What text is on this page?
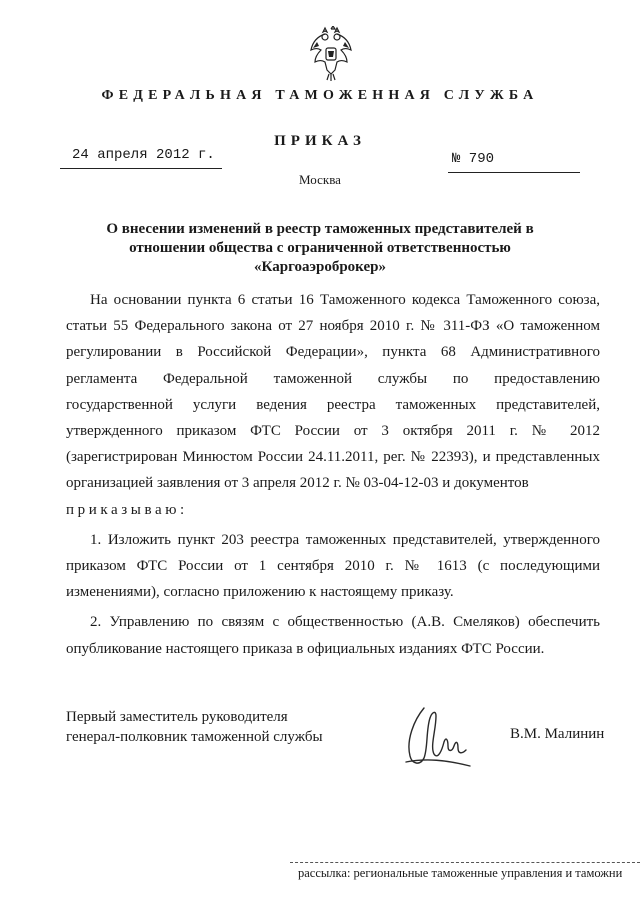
ФЕДЕРАЛЬНАЯ ТАМОЖЕННАЯ СЛУЖБА
ПРИКАЗ
24 апреля 2012 г.	№ 790
Москва
О внесении изменений в реестр таможенных представителей в
отношении общества с ограниченной ответственностью
«Каргоаэроброкер»

На основании пункта 6 статьи 16 Таможенного кодекса Таможенного союза, статьи 55 Федерального закона от 27 ноября 2010 г. № 311-ФЗ «О таможенном регулировании в Российской Федерации», пункта 68 Административного регламента Федеральной таможенной службы по предоставлению государственной услуги ведения реестра таможенных представителей, утвержденного приказом ФТС России от 3 октября 2011 г. № 2012 (зарегистрирован Минюстом России 24.11.2011, рег. № 22393), и представленных организацией заявления от 3 апреля 2012 г. № 03-04-12-03 и документов

приказываю:

1. Изложить пункт 203 реестра таможенных представителей, утвержденного приказом ФТС России от 1 сентября 2010 г. № 1613 (с последующими изменениями), согласно приложению к настоящему приказу.

2. Управлению по связям с общественностью (А.В. Смеляков) обеспечить опубликование настоящего приказа в официальных изданиях ФТС России.

Первый заместитель руководителя
генерал-полковник таможенной службы	В.М. Малинин
рассылка: региональные таможенные управления и таможни
